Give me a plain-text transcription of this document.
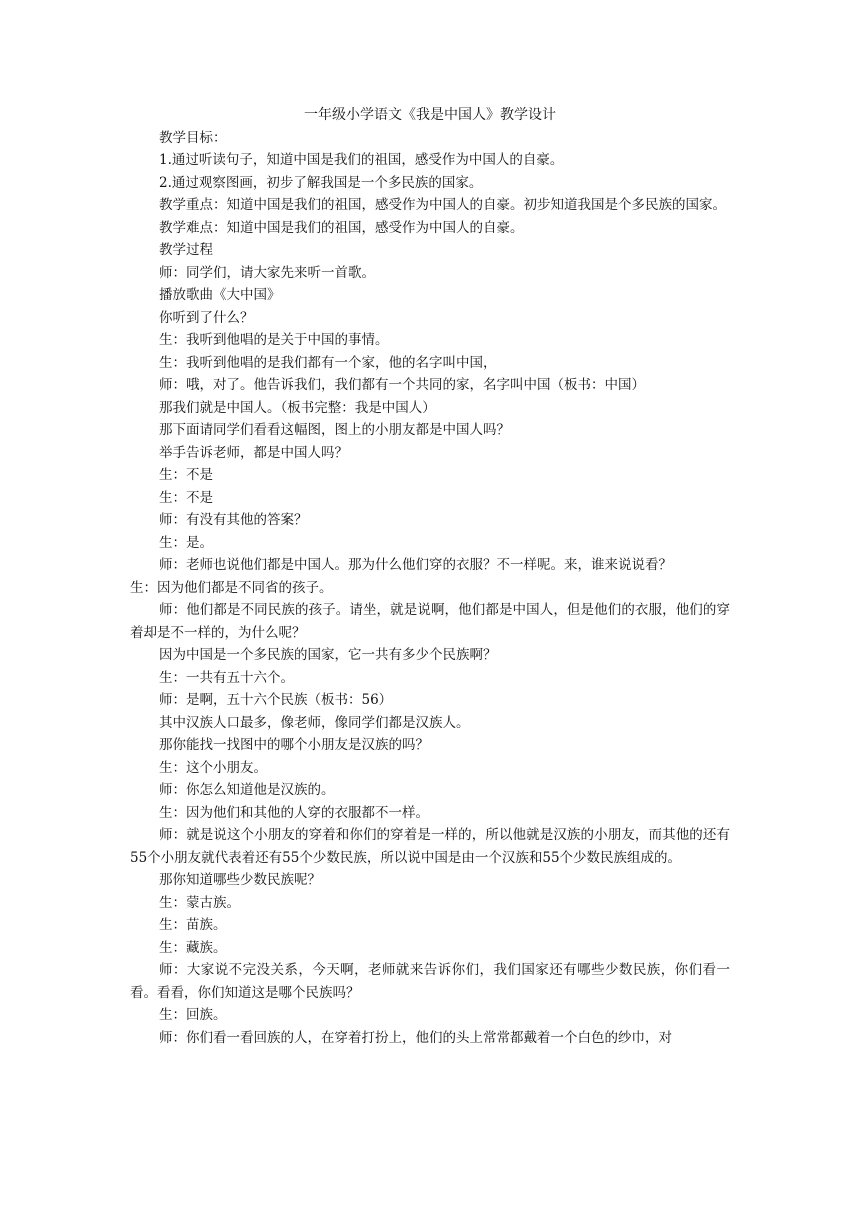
一年级小学语文《我是中国人》教学设计

教学目标：

1.通过听读句子，知道中国是我们的祖国，感受作为中国人的自豪。

2.通过观察图画，初步了解我国是一个多民族的国家。

教学重点：知道中国是我们的祖国，感受作为中国人的自豪。初步知道我国是个多民族的国家。

教学难点：知道中国是我们的祖国，感受作为中国人的自豪。

教学过程

师：同学们，请大家先来听一首歌。

播放歌曲《大中国》

你听到了什么？

生：我听到他唱的是关于中国的事情。

生：我听到他唱的是我们都有一个家，他的名字叫中国，

师：哦，对了。他告诉我们，我们都有一个共同的家，名字叫中国（板书：中国）

那我们就是中国人。（板书完整：我是中国人）

那下面请同学们看看这幅图，图上的小朋友都是中国人吗？

举手告诉老师，都是中国人吗？

生：不是

生：不是

师：有没有其他的答案？

生：是。

师：老师也说他们都是中国人。那为什么他们穿的衣服？不一样呢。来，谁来说说看？

生：因为他们都是不同省的孩子。

师：他们都是不同民族的孩子。请坐，就是说啊，他们都是中国人，但是他们的衣服，他们的穿着却是不一样的，为什么呢？

因为中国是一个多民族的国家，它一共有多少个民族啊？

生：一共有五十六个。

师：是啊，五十六个民族（板书：56）

其中汉族人口最多，像老师，像同学们都是汉族人。

那你能找一找图中的哪个小朋友是汉族的吗？

生：这个小朋友。

师：你怎么知道他是汉族的。

生：因为他们和其他的人穿的衣服都不一样。

师：就是说这个小朋友的穿着和你们的穿着是一样的，所以他就是汉族的小朋友，而其他的还有55个小朋友就代表着还有55个少数民族，所以说中国是由一个汉族和55个少数民族组成的。

那你知道哪些少数民族呢？

生：蒙古族。

生：苗族。

生：藏族。

师：大家说不完没关系，今天啊，老师就来告诉你们，我们国家还有哪些少数民族，你们看一看。看看，你们知道这是哪个民族吗？

生：回族。

师：你们看一看回族的人，在穿着打扮上，他们的头上常常都戴着一个白色的纱巾，对
